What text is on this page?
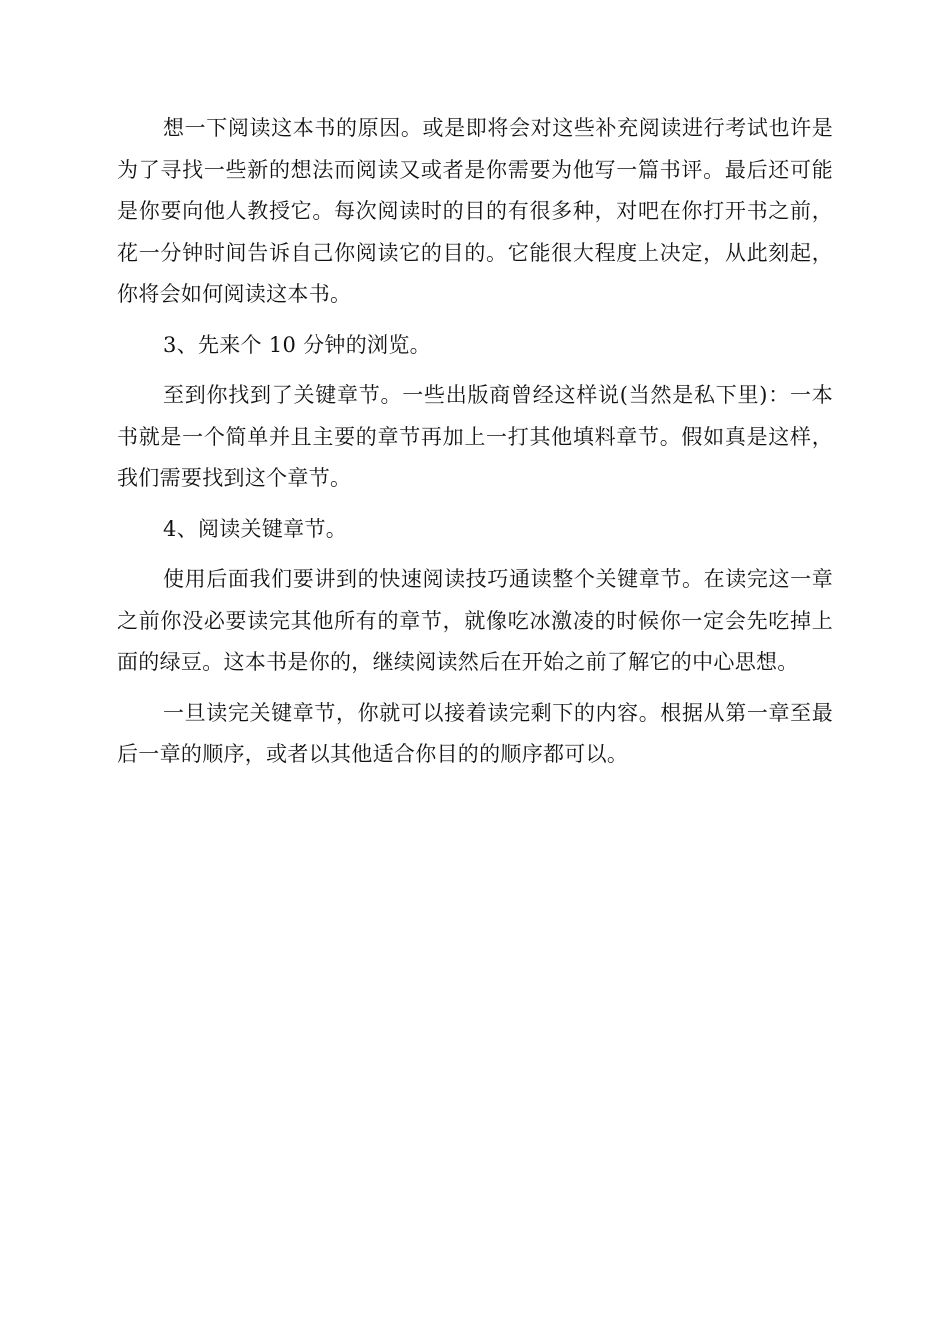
想一下阅读这本书的原因。或是即将会对这些补充阅读进行考试也许是为了寻找一些新的想法而阅读又或者是你需要为他写一篇书评。最后还可能是你要向他人教授它。每次阅读时的目的有很多种，对吧在你打开书之前，花一分钟时间告诉自己你阅读它的目的。它能很大程度上决定，从此刻起，你将会如何阅读这本书。

3、先来个 10 分钟的浏览。

至到你找到了关键章节。一些出版商曾经这样说(当然是私下里)：一本书就是一个简单并且主要的章节再加上一打其他填料章节。假如真是这样，我们需要找到这个章节。

4、阅读关键章节。

使用后面我们要讲到的快速阅读技巧通读整个关键章节。在读完这一章之前你没必要读完其他所有的章节，就像吃冰激凌的时候你一定会先吃掉上面的绿豆。这本书是你的，继续阅读然后在开始之前了解它的中心思想。

一旦读完关键章节，你就可以接着读完剩下的内容。根据从第一章至最后一章的顺序，或者以其他适合你目的的顺序都可以。
